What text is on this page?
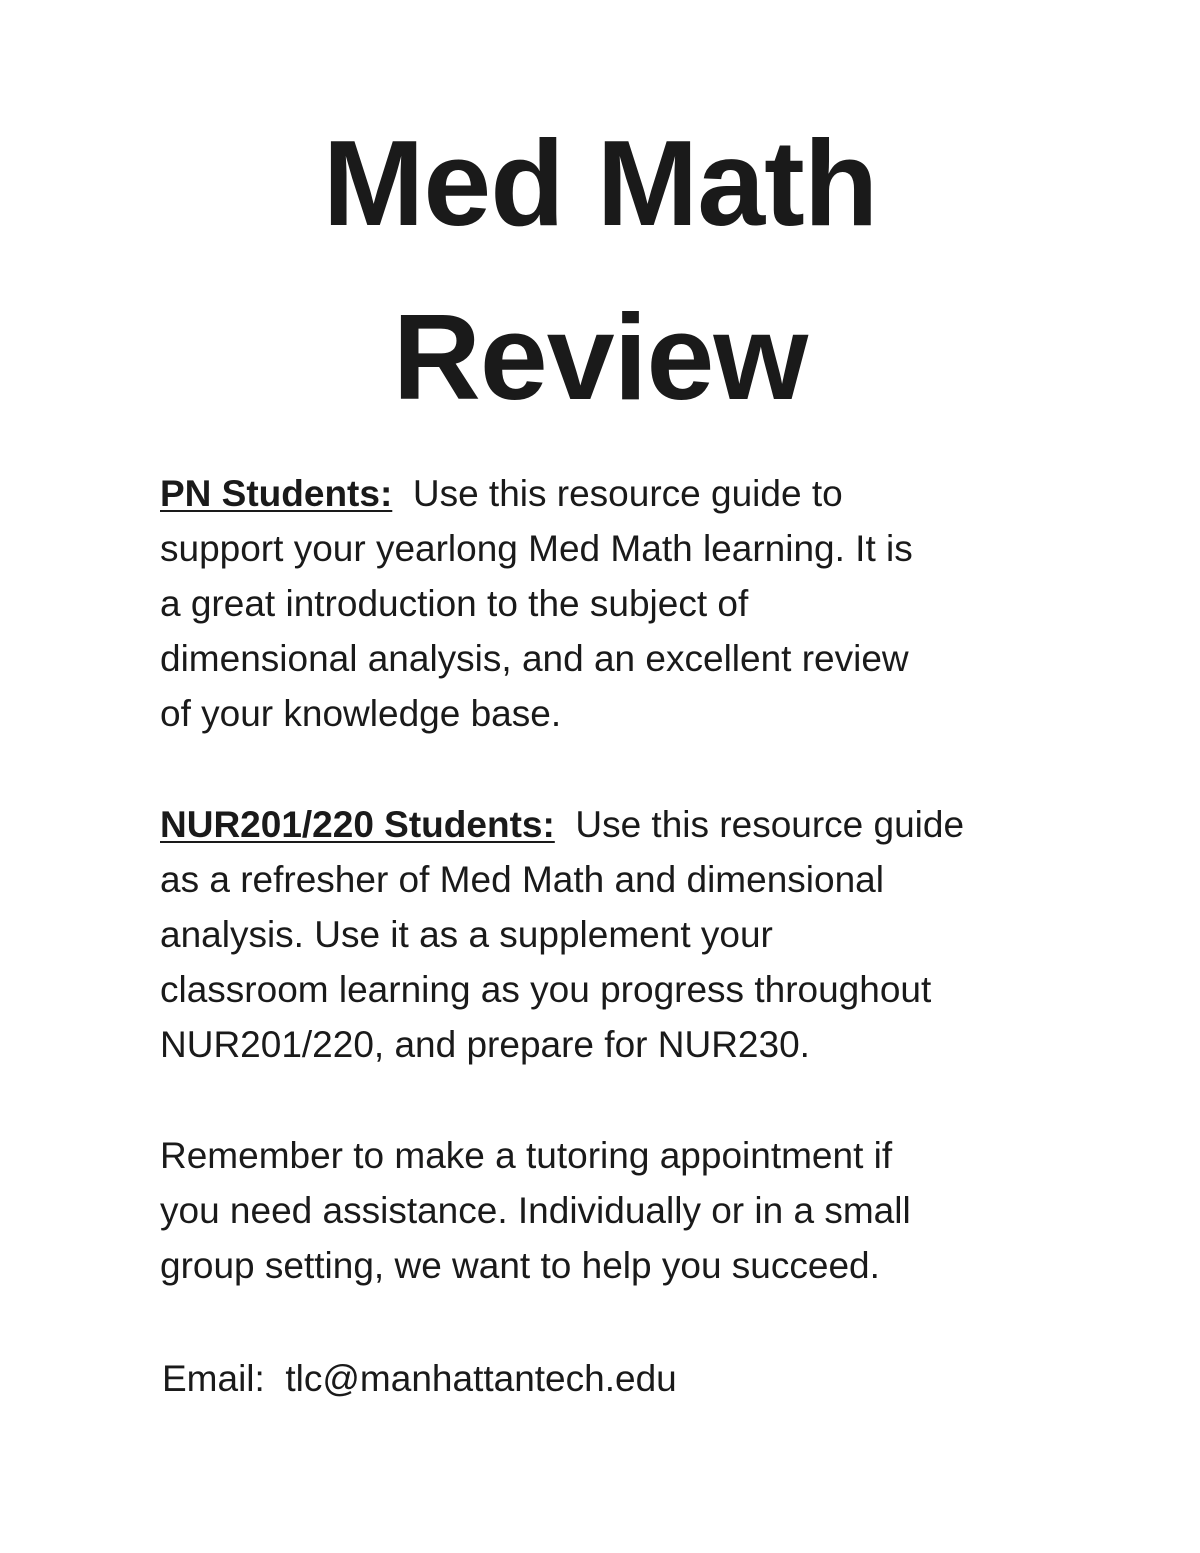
Med Math
Review

PN Students: Use this resource guide to
support your yearlong Med Math learning. It is
a great introduction to the subject of
dimensional analysis, and an excellent review
of your knowledge base.

NUR201/220 Students: Use this resource guide
as a refresher of Med Math and dimensional
analysis. Use it as a supplement your
classroom learning as you progress throughout
NUR201/220, and prepare for NUR230.

Remember to make a tutoring appointment if
you need assistance. Individually or in a small
group setting, we want to help you succeed.

Email: tlc@manhattantech.edu
